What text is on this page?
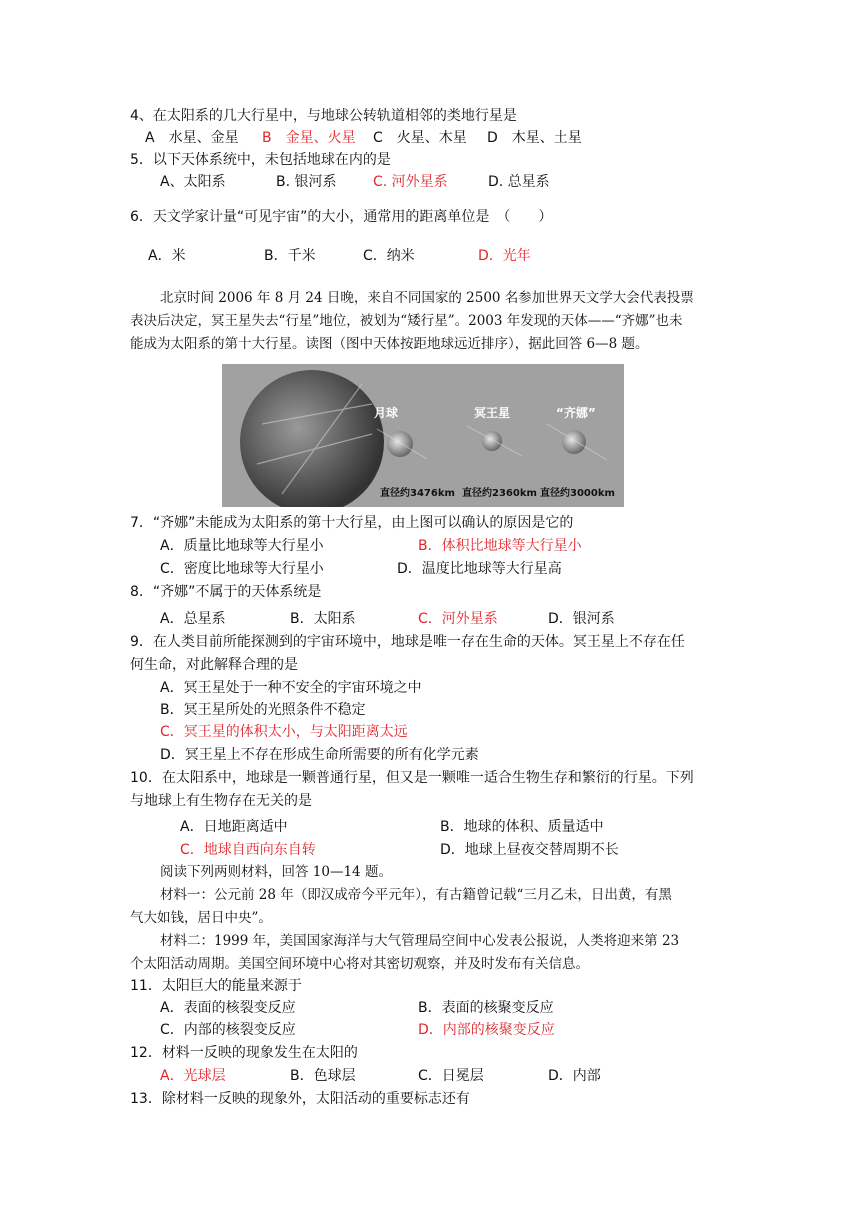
4、在太阳系的几大行星中，与地球公转轨道相邻的类地行星是
A　水星、金星 B　金星、火星 C　火星、木星 D　木星、土星
5．以下天体系统中，未包括地球在内的是
A、太阳系	B. 银河系	C. 河外星系	D. 总星系
6．天文学家计量“可见宇宙”的大小，通常用的距离单位是　（　　）
A．米	B．千米	C．纳米	D．光年
北京时间 2006 年 8 月 24 日晚，来自不同国家的 2500 名参加世界天文学大会代表投票
表决后决定，冥王星失去“行星”地位，被划为“矮行星”。2003 年发现的天体——“齐娜”也未
能成为太阳系的第十大行星。读图（图中天体按距地球远近排序），据此回答 6—8 题。
月球	冥王星	“齐娜”
直径约3476km 直径约2360km 直径约3000km
7．“齐娜”未能成为太阳系的第十大行星，由上图可以确认的原因是它的
A．质量比地球等大行星小	B．体积比地球等大行星小
C．密度比地球等大行星小	D．温度比地球等大行星高
8．“齐娜”不属于的天体系统是
A．总星系	B．太阳系	C．河外星系	D．银河系
9．在人类目前所能探测到的宇宙环境中，地球是唯一存在生命的天体。冥王星上不存在任
何生命，对此解释合理的是
A．冥王星处于一种不安全的宇宙环境之中
B．冥王星所处的光照条件不稳定
C．冥王星的体积太小，与太阳距离太远
D．冥王星上不存在形成生命所需要的所有化学元素
10．在太阳系中，地球是一颗普通行星，但又是一颗唯一适合生物生存和繁衍的行星。下列
与地球上有生物存在无关的是
A．日地距离适中	B．地球的体积、质量适中
C．地球自西向东自转	D．地球上昼夜交替周期不长
阅读下列两则材料，回答 10—14 题。
材料一：公元前 28 年（即汉成帝今平元年），有古籍曾记载“三月乙未，日出黄，有黑
气大如钱，居日中央”。
材料二：1999 年，美国国家海洋与大气管理局空间中心发表公报说，人类将迎来第 23
个太阳活动周期。美国空间环境中心将对其密切观察，并及时发布有关信息。
11．太阳巨大的能量来源于
A．表面的核裂变反应	B．表面的核聚变反应
C．内部的核裂变反应	D．内部的核聚变反应
12．材料一反映的现象发生在太阳的
A．光球层	B．色球层	C．日冕层	D．内部
13．除材料一反映的现象外，太阳活动的重要标志还有
